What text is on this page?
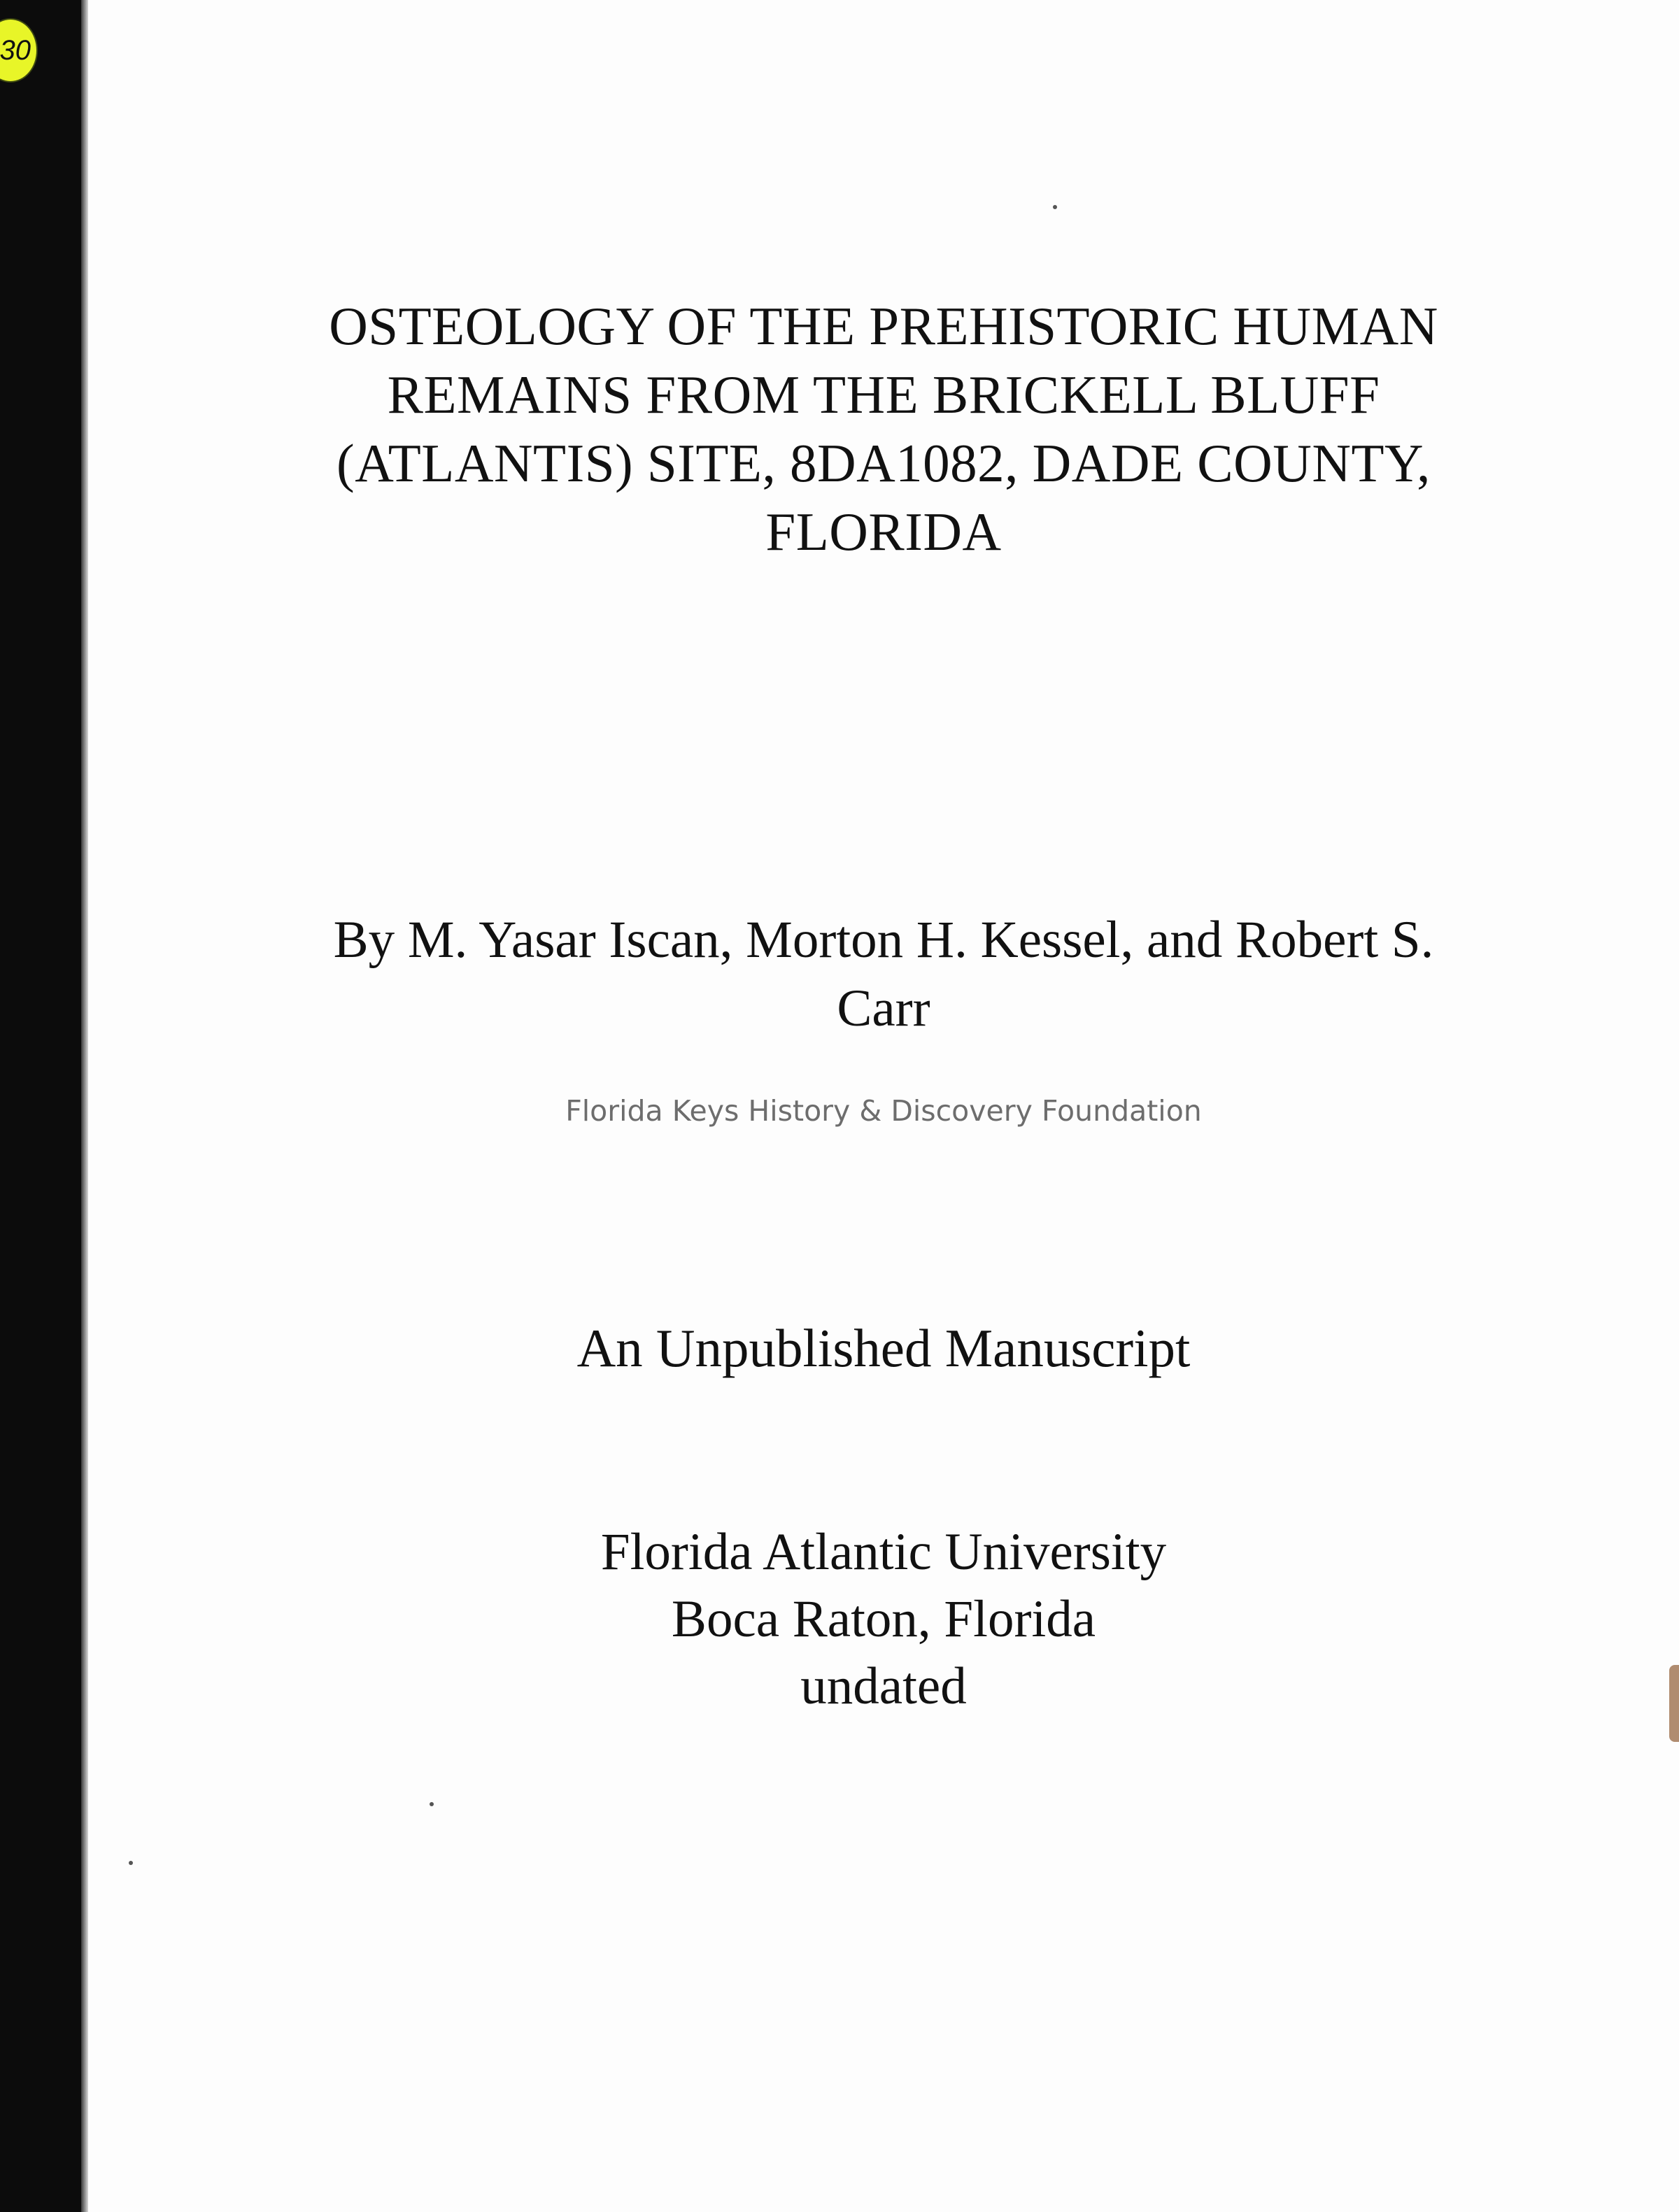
30
OSTEOLOGY OF THE PREHISTORIC HUMAN
REMAINS FROM THE BRICKELL BLUFF
(ATLANTIS) SITE, 8DA1082, DADE COUNTY,
FLORIDA
By M. Yasar Iscan, Morton H. Kessel, and Robert S.
Carr
Florida Keys History & Discovery Foundation
An Unpublished Manuscript
Florida Atlantic University
Boca Raton, Florida
undated
